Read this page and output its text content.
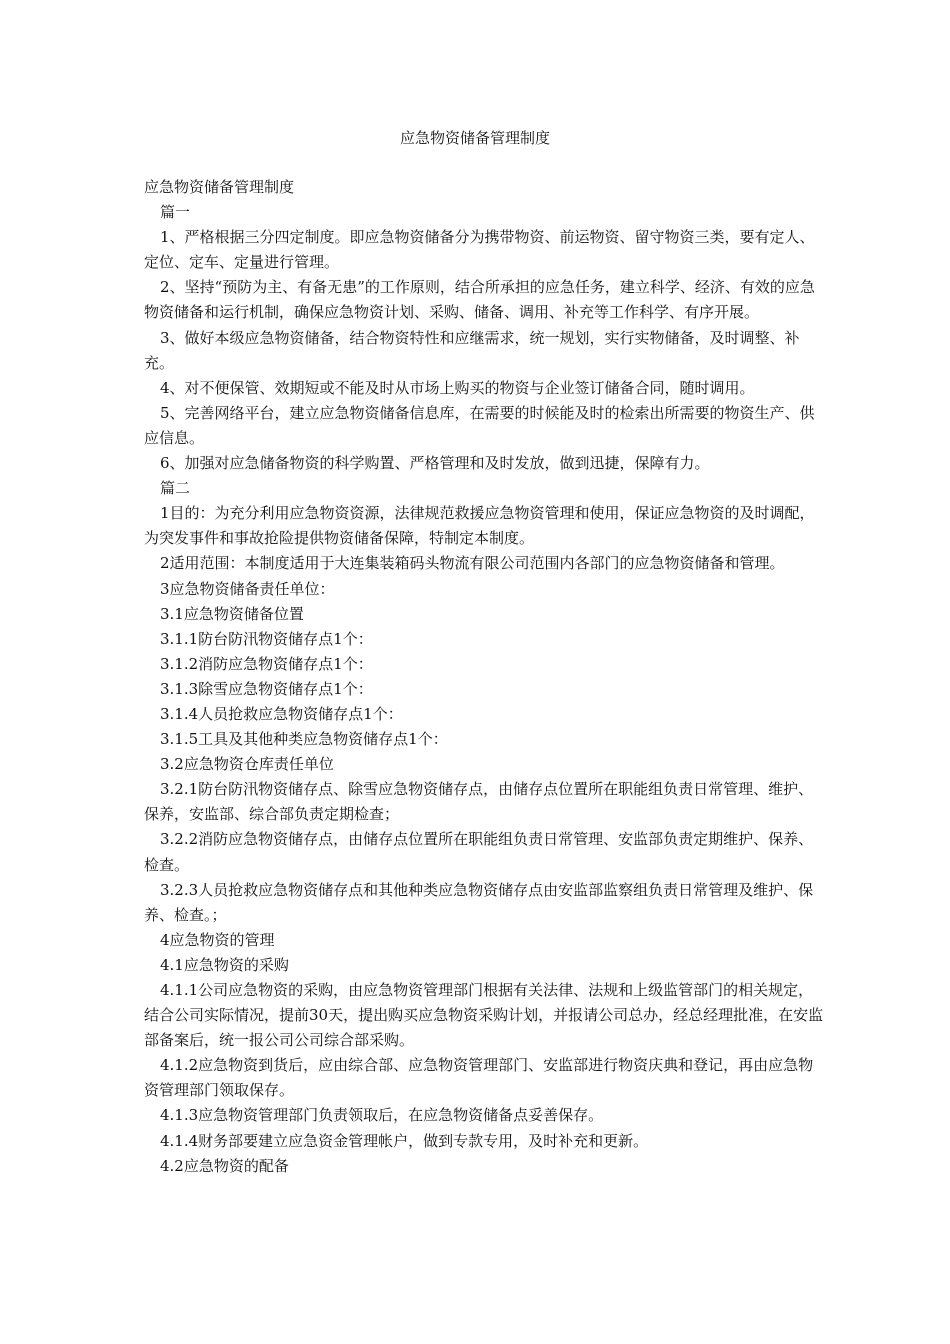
应急物资储备管理制度

应急物资储备管理制度

篇一

1、严格根据三分四定制度。即应急物资储备分为携带物资、前运物资、留守物资三类，要有定人、定位、定车、定量进行管理。

2、坚持“预防为主、有备无患”的工作原则，结合所承担的应急任务，建立科学、经济、有效的应急物资储备和运行机制，确保应急物资计划、采购、储备、调用、补充等工作科学、有序开展。

3、做好本级应急物资储备，结合物资特性和应继需求，统一规划，实行实物储备，及时调整、补充。

4、对不便保管、效期短或不能及时从市场上购买的物资与企业签订储备合同，随时调用。

5、完善网络平台，建立应急物资储备信息库，在需要的时候能及时的检索出所需要的物资生产、供应信息。

6、加强对应急储备物资的科学购置、严格管理和及时发放，做到迅捷，保障有力。

篇二

1目的：为充分利用应急物资资源，法律规范救援应急物资管理和使用，保证应急物资的及时调配，为突发事件和事故抢险提供物资储备保障，特制定本制度。

2适用范围：本制度适用于大连集装箱码头物流有限公司范围内各部门的应急物资储备和管理。

3应急物资储备责任单位：

3.1应急物资储备位置

3.1.1防台防汛物资储存点1个：

3.1.2消防应急物资储存点1个：

3.1.3除雪应急物资储存点1个：

3.1.4人员抢救应急物资储存点1个：

3.1.5工具及其他种类应急物资储存点1个：

3.2应急物资仓库责任单位

3.2.1防台防汛物资储存点、除雪应急物资储存点，由储存点位置所在职能组负责日常管理、维护、保养，安监部、综合部负责定期检查；

3.2.2消防应急物资储存点，由储存点位置所在职能组负责日常管理、安监部负责定期维护、保养、检查。

3.2.3人员抢救应急物资储存点和其他种类应急物资储存点由安监部监察组负责日常管理及维护、保养、检查。；

4应急物资的管理

4.1应急物资的采购

4.1.1公司应急物资的采购，由应急物资管理部门根据有关法律、法规和上级监管部门的相关规定，结合公司实际情况，提前30天，提出购买应急物资采购计划，并报请公司总办，经总经理批准，在安监部备案后，统一报公司公司综合部采购。

4.1.2应急物资到货后，应由综合部、应急物资管理部门、安监部进行物资庆典和登记，再由应急物资管理部门领取保存。

4.1.3应急物资管理部门负责领取后，在应急物资储备点妥善保存。

4.1.4财务部要建立应急资金管理帐户，做到专款专用，及时补充和更新。

4.2应急物资的配备
